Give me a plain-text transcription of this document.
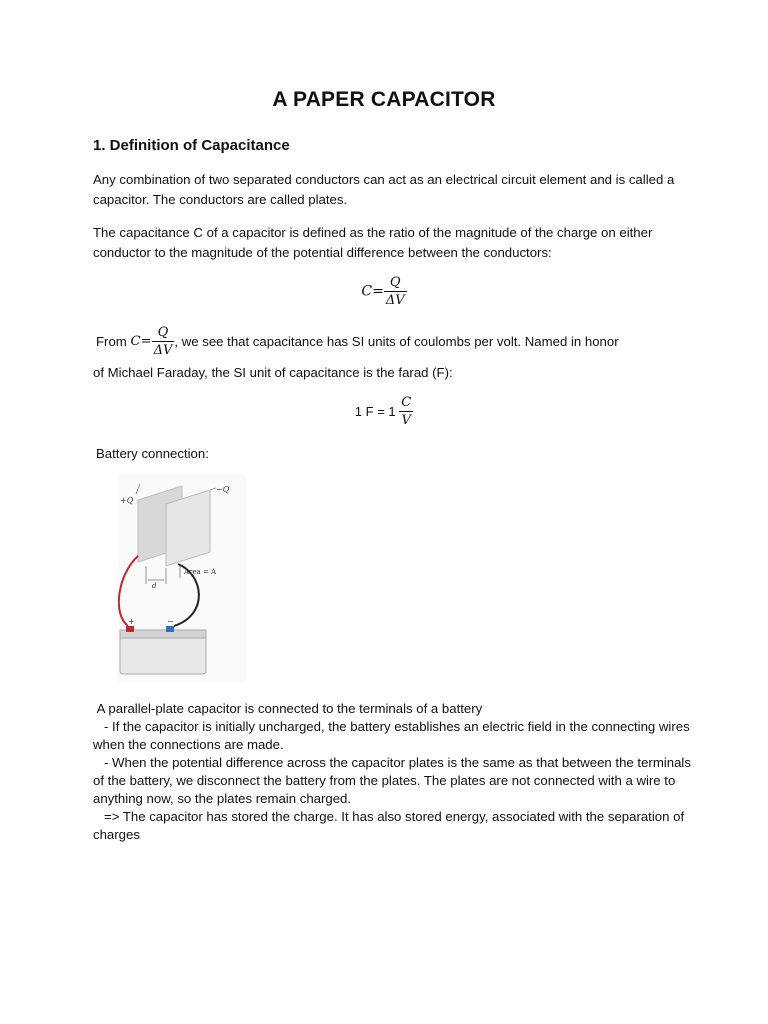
A PAPER CAPACITOR
1. Definition of Capacitance
Any combination of two separated conductors can act as an electrical circuit element and is called a capacitor. The conductors are called plates.
The capacitance C of a capacitor is defined as the ratio of the magnitude of the charge on either conductor to the magnitude of the potential difference between the conductors:
$C= \frac{Q}{\Delta V}$
From $C= \frac{Q}{\Delta V}$ , we see that capacitance has SI units of coulombs per volt. Named in honor
of Michael Faraday, the SI unit of capacitance is the farad (F):
1 $F = 1 \frac{C}{V}$
Battery connection:
+Q
−Q
Area = A
d
+	−
A parallel-plate capacitor is connected to the terminals of a battery
- If the capacitor is initially uncharged, the battery establishes an electric field in the connecting wires when the connections are made.
- When the potential difference across the capacitor plates is the same as that between the terminals of the battery, we disconnect the battery from the plates. The plates are not connected with a wire to anything now, so the plates remain charged.
=> The capacitor has stored the charge. It has also stored energy, associated with the separation of charges
